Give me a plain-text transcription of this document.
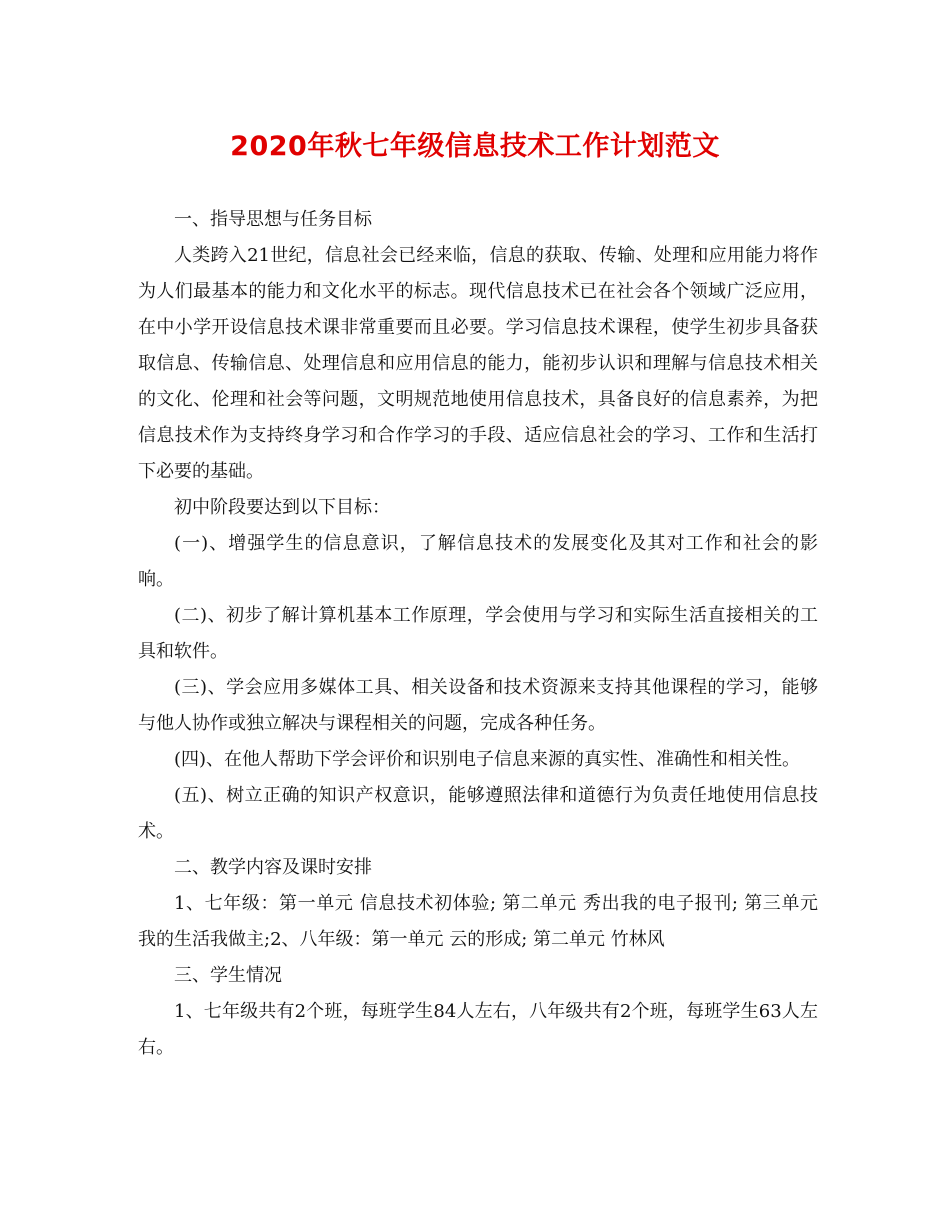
2020年秋七年级信息技术工作计划范文

一、指导思想与任务目标

人类跨入21世纪，信息社会已经来临，信息的获取、传输、处理和应用能力将作为人们最基本的能力和文化水平的标志。现代信息技术已在社会各个领域广泛应用，在中小学开设信息技术课非常重要而且必要。学习信息技术课程，使学生初步具备获取信息、传输信息、处理信息和应用信息的能力，能初步认识和理解与信息技术相关的文化、伦理和社会等问题，文明规范地使用信息技术，具备良好的信息素养，为把信息技术作为支持终身学习和合作学习的手段、适应信息社会的学习、工作和生活打下必要的基础。

初中阶段要达到以下目标：

(一)、增强学生的信息意识，了解信息技术的发展变化及其对工作和社会的影响。

(二)、初步了解计算机基本工作原理，学会使用与学习和实际生活直接相关的工具和软件。

(三)、学会应用多媒体工具、相关设备和技术资源来支持其他课程的学习，能够与他人协作或独立解决与课程相关的问题，完成各种任务。

(四)、在他人帮助下学会评价和识别电子信息来源的真实性、准确性和相关性。

(五)、树立正确的知识产权意识，能够遵照法律和道德行为负责任地使用信息技术。

二、教学内容及课时安排

1、七年级：第一单元 信息技术初体验; 第二单元 秀出我的电子报刊; 第三单元 我的生活我做主;2、八年级：第一单元 云的形成; 第二单元 竹林风

三、学生情况

1、七年级共有2个班，每班学生84人左右，八年级共有2个班，每班学生63人左右。
